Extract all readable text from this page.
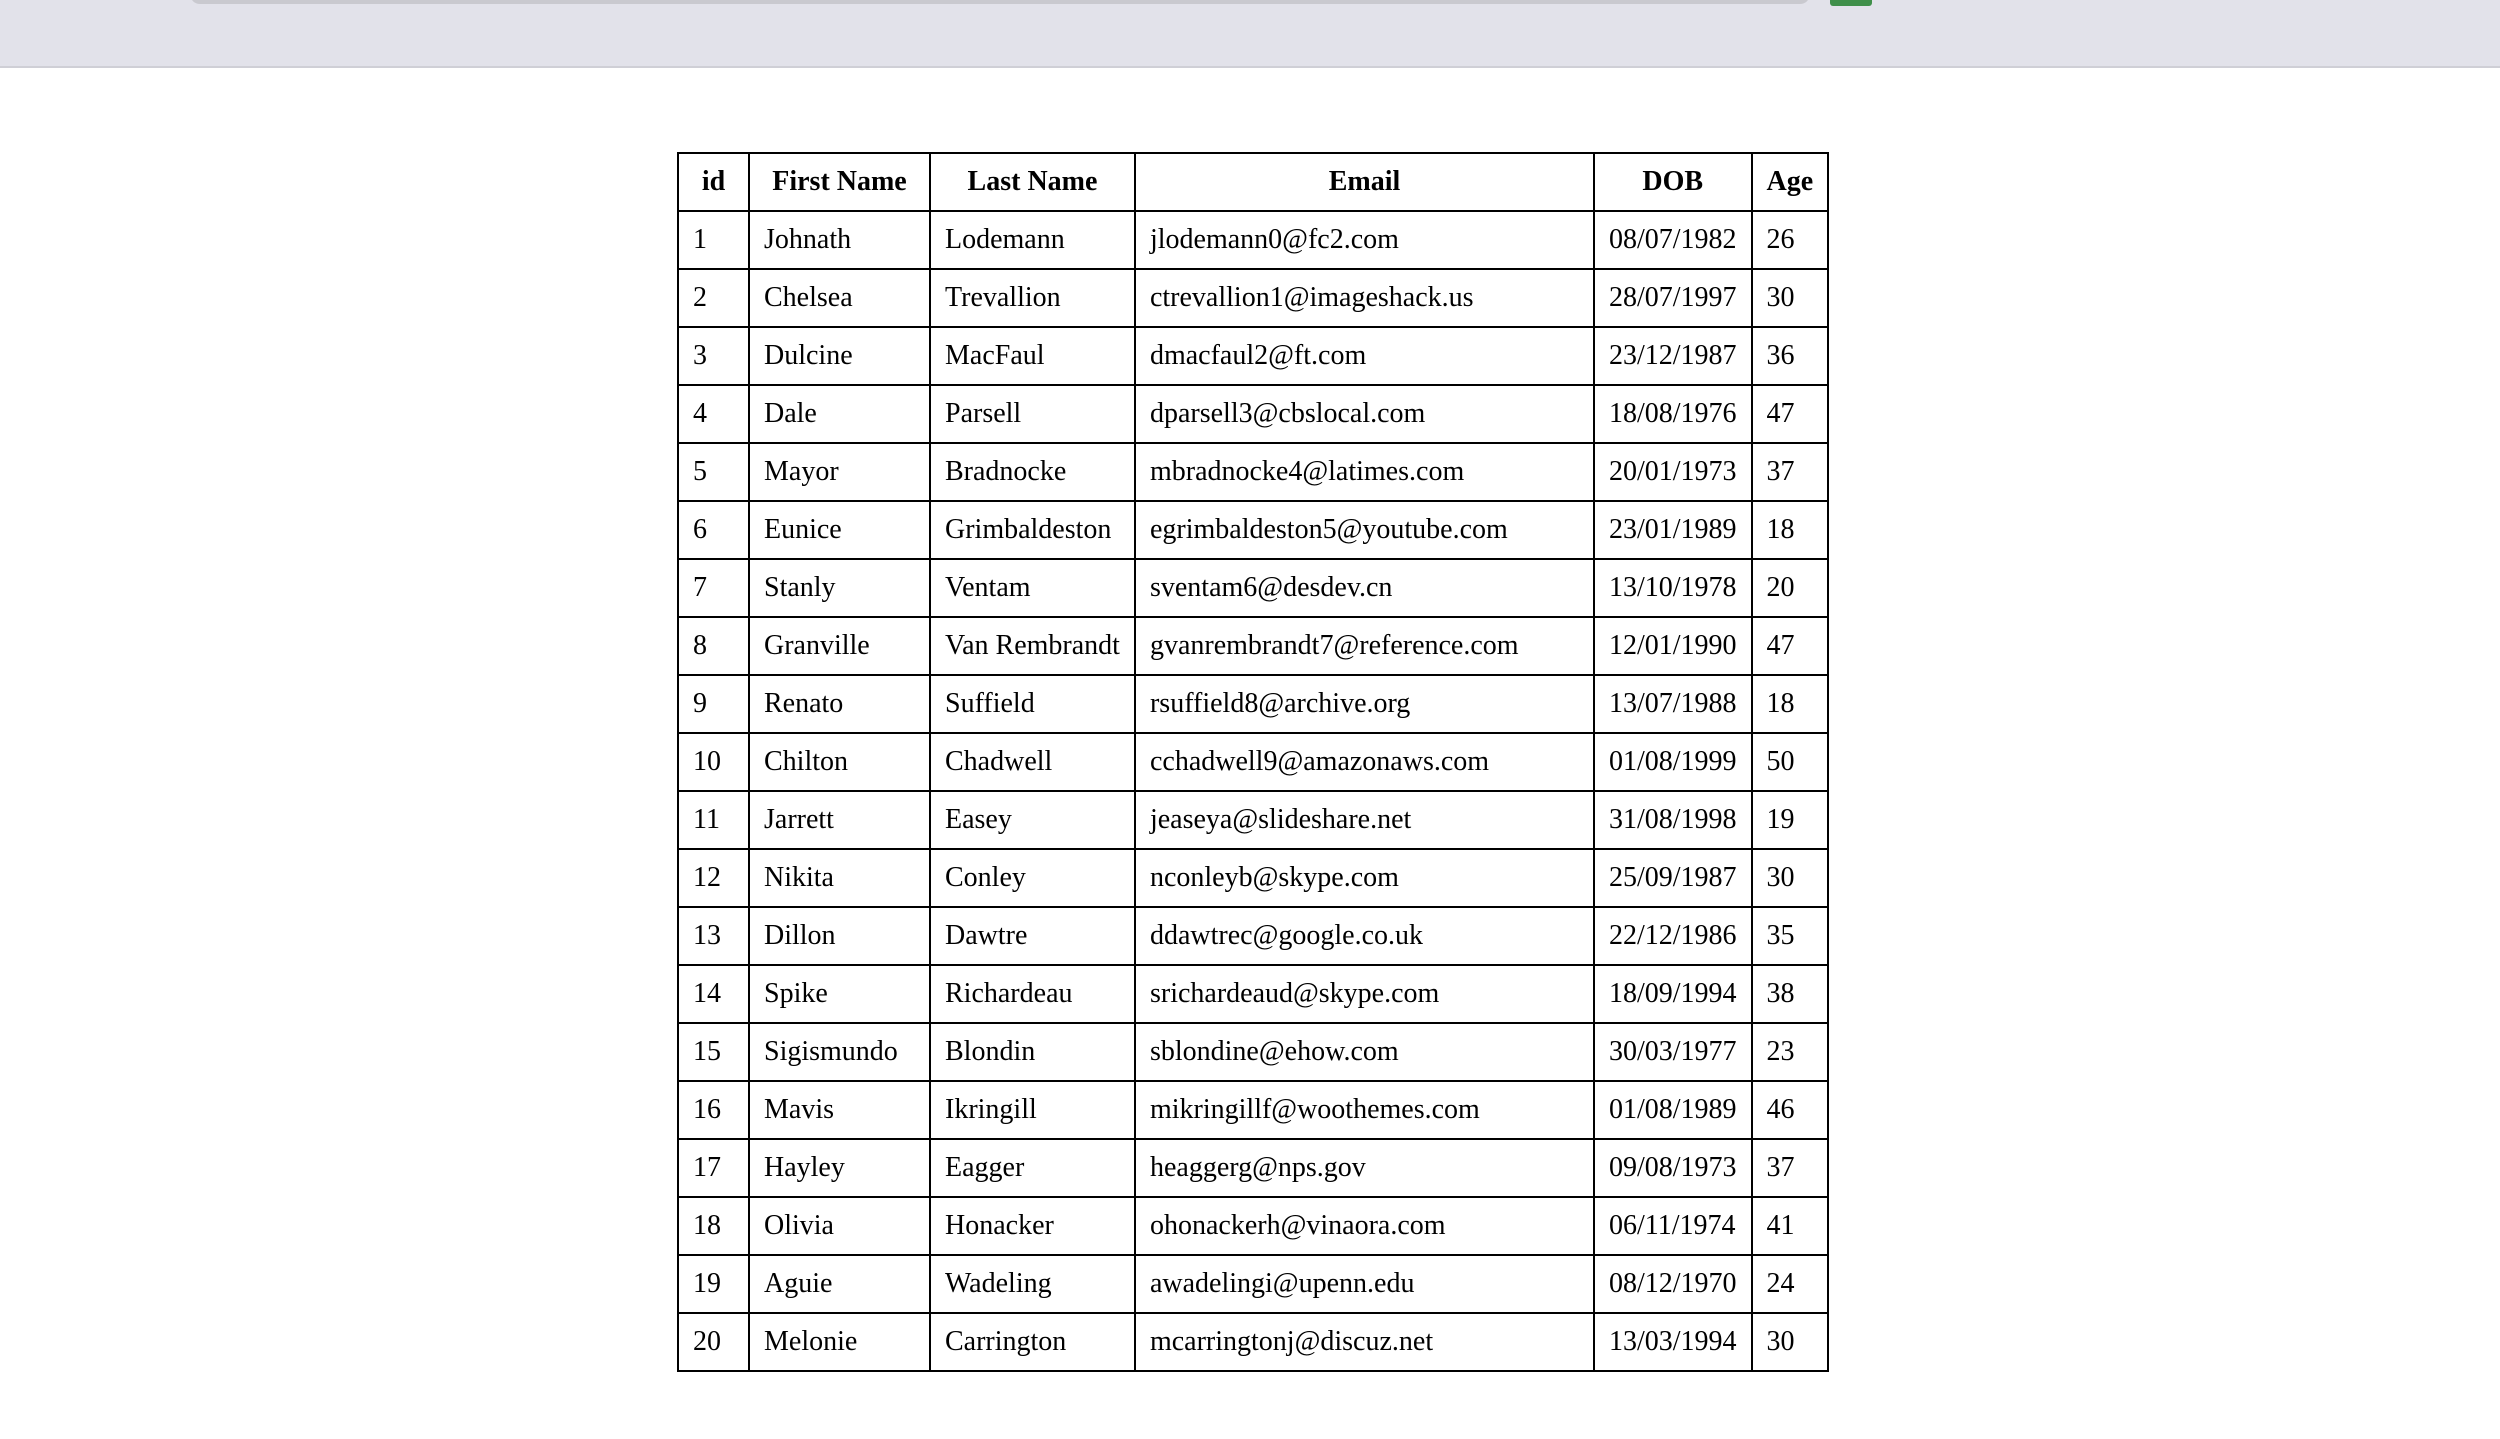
id	First Name	Last Name	Email	DOB	Age
1	Johnath	Lodemann	jlodemann0@fc2.com	08/07/1982	26
2	Chelsea	Trevallion	ctrevallion1@imageshack.us	28/07/1997	30
3	Dulcine	MacFaul	dmacfaul2@ft.com	23/12/1987	36
4	Dale	Parsell	dparsell3@cbslocal.com	18/08/1976	47
5	Mayor	Bradnocke	mbradnocke4@latimes.com	20/01/1973	37
6	Eunice	Grimbaldeston	egrimbaldeston5@youtube.com	23/01/1989	18
7	Stanly	Ventam	sventam6@desdev.cn	13/10/1978	20
8	Granville	Van Rembrandt	gvanrembrandt7@reference.com	12/01/1990	47
9	Renato	Suffield	rsuffield8@archive.org	13/07/1988	18
10	Chilton	Chadwell	cchadwell9@amazonaws.com	01/08/1999	50
11	Jarrett	Easey	jeaseya@slideshare.net	31/08/1998	19
12	Nikita	Conley	nconleyb@skype.com	25/09/1987	30
13	Dillon	Dawtre	ddawtrec@google.co.uk	22/12/1986	35
14	Spike	Richardeau	srichardeaud@skype.com	18/09/1994	38
15	Sigismundo	Blondin	sblondine@ehow.com	30/03/1977	23
16	Mavis	Ikringill	mikringillf@woothemes.com	01/08/1989	46
17	Hayley	Eagger	heaggerg@nps.gov	09/08/1973	37
18	Olivia	Honacker	ohonackerh@vinaora.com	06/11/1974	41
19	Aguie	Wadeling	awadelingi@upenn.edu	08/12/1970	24
20	Melonie	Carrington	mcarringtonj@discuz.net	13/03/1994	30
